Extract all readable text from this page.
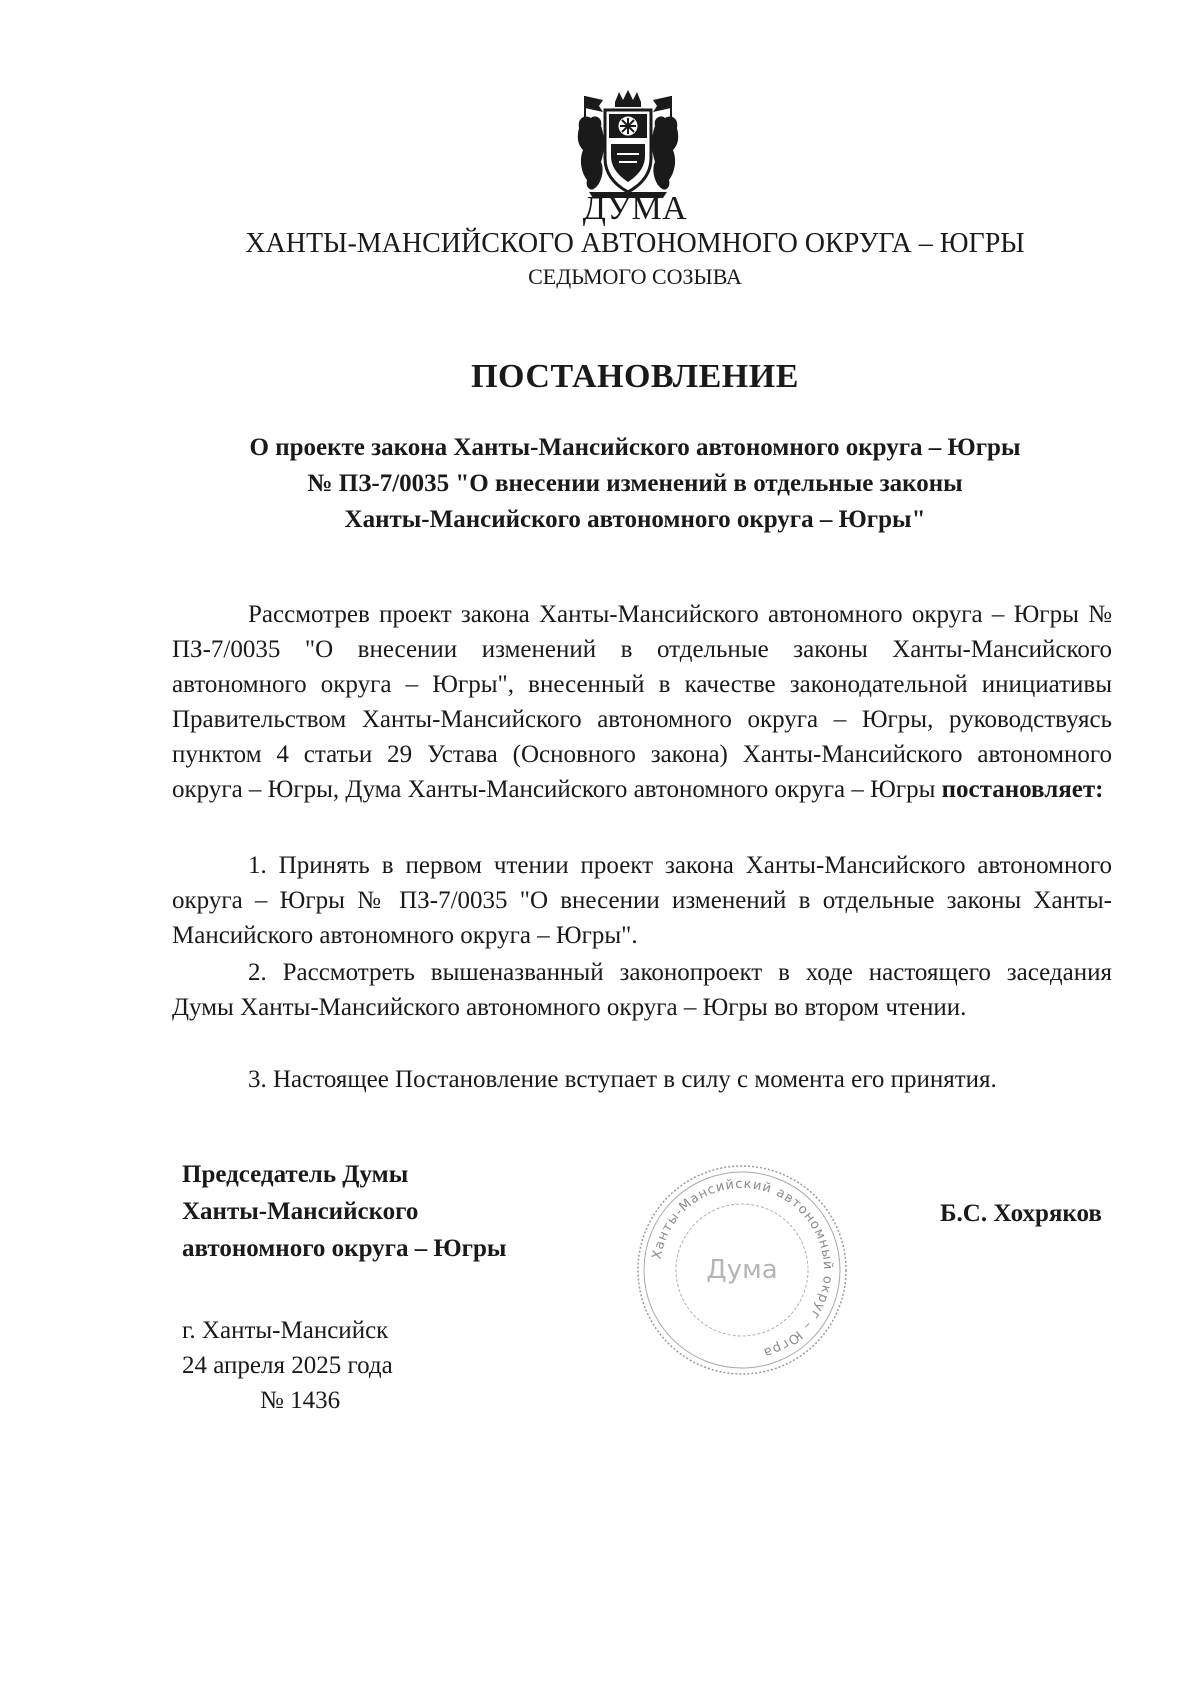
ДУМА
ХАНТЫ-МАНСИЙСКОГО АВТОНОМНОГО ОКРУГА – ЮГРЫ
СЕДЬМОГО СОЗЫВА
ПОСТАНОВЛЕНИЕ
О проекте закона Ханты-Мансийского автономного округа – Югры
№ ПЗ-7/0035 "О внесении изменений в отдельные законы
Ханты-Мансийского автономного округа – Югры"

Рассмотрев проект закона Ханты-Мансийского автономного округа – Югры № ПЗ-7/0035 "О внесении изменений в отдельные законы Ханты-Мансийского автономного округа – Югры", внесенный в качестве законодательной инициативы Правительством Ханты-Мансийского автономного округа – Югры, руководствуясь пунктом 4 статьи 29 Устава (Основного закона) Ханты-Мансийского автономного округа – Югры, Дума Ханты-Мансийского автономного округа – Югры постановляет:

1. Принять в первом чтении проект закона Ханты-Мансийского автономного округа – Югры № ПЗ-7/0035 "О внесении изменений в отдельные законы Ханты-Мансийского автономного округа – Югры".

2. Рассмотреть вышеназванный законопроект в ходе настоящего заседания Думы Ханты-Мансийского автономного округа – Югры во втором чтении.

3. Настоящее Постановление вступает в силу с момента его принятия.

Председатель Думы
Ханты-Мансийского
автономного округа – Югры	Ханты-Мансийский автономный округ – Югра
Дума
Б.С. Хохряков
г. Ханты-Мансийск
24 апреля 2025 года
№ 1436
